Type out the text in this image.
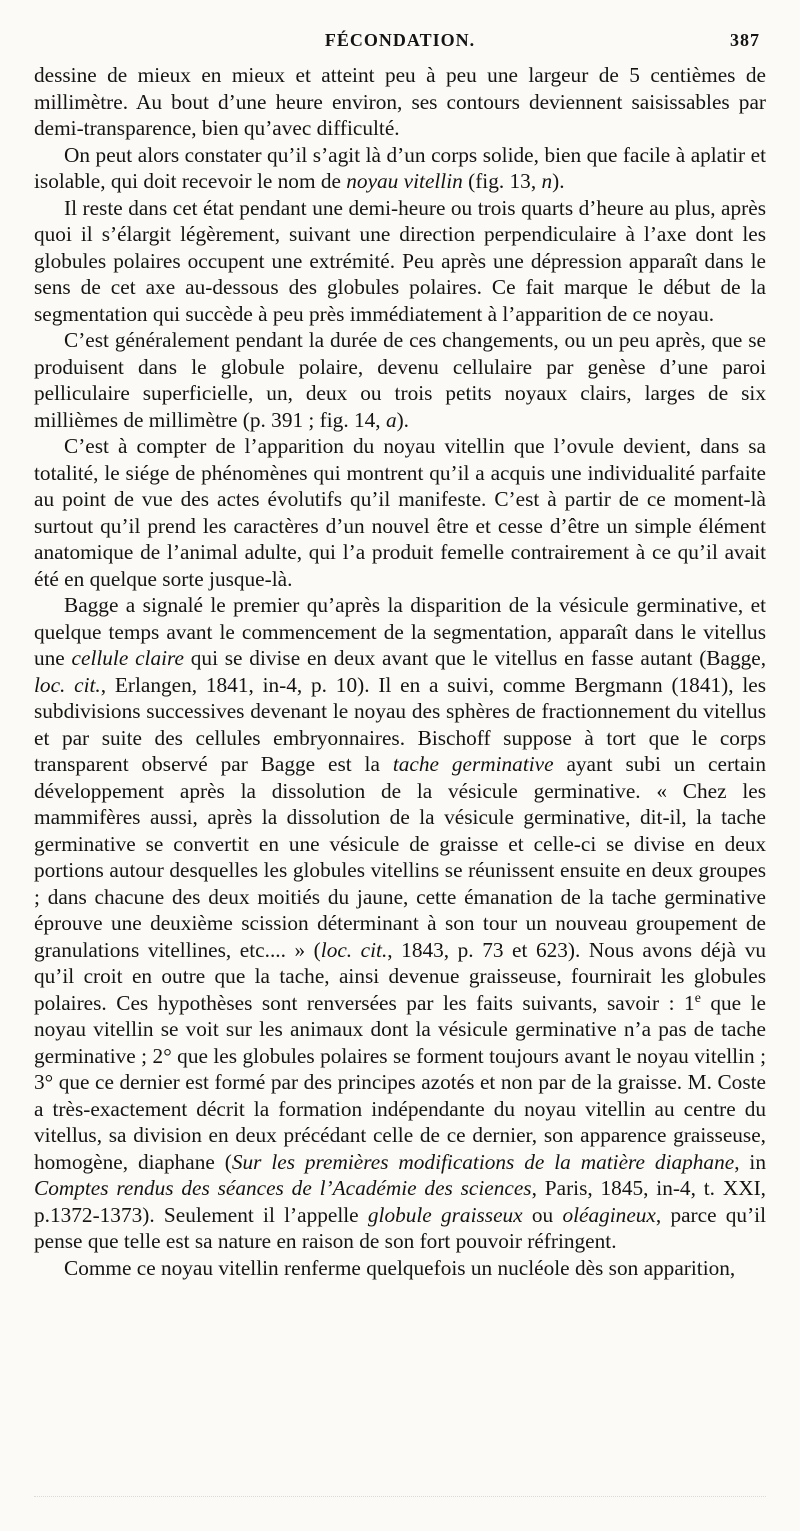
FÉCONDATION.	387

dessine de mieux en mieux et atteint peu à peu une largeur de 5 centièmes de millimètre. Au bout d’une heure environ, ses contours deviennent saisissables par demi-transparence, bien qu’avec difficulté.

On peut alors constater qu’il s’agit là d’un corps solide, bien que facile à aplatir et isolable, qui doit recevoir le nom de noyau vitellin (fig. 13, n).

Il reste dans cet état pendant une demi-heure ou trois quarts d’heure au plus, après quoi il s’élargit légèrement, suivant une direction perpendiculaire à l’axe dont les globules polaires occupent une extrémité. Peu après une dépression apparaît dans le sens de cet axe au-dessous des globules polaires. Ce fait marque le début de la segmentation qui succède à peu près immédiatement à l’apparition de ce noyau.

C’est généralement pendant la durée de ces changements, ou un peu après, que se produisent dans le globule polaire, devenu cellulaire par genèse d’une paroi pelliculaire superficielle, un, deux ou trois petits noyaux clairs, larges de six millièmes de millimètre (p. 391 ; fig. 14, a).

C’est à compter de l’apparition du noyau vitellin que l’ovule devient, dans sa totalité, le siége de phénomènes qui montrent qu’il a acquis une individualité parfaite au point de vue des actes évolutifs qu’il manifeste. C’est à partir de ce moment-là surtout qu’il prend les caractères d’un nouvel être et cesse d’être un simple élément anatomique de l’animal adulte, qui l’a produit femelle contrairement à ce qu’il avait été en quelque sorte jusque-là.

Bagge a signalé le premier qu’après la disparition de la vésicule germinative, et quelque temps avant le commencement de la segmentation, apparaît dans le vitellus une cellule claire qui se divise en deux avant que le vitellus en fasse autant (Bagge, loc. cit., Erlangen, 1841, in-4, p. 10). Il en a suivi, comme Bergmann (1841), les subdivisions successives devenant le noyau des sphères de fractionnement du vitellus et par suite des cellules embryonnaires. Bischoff suppose à tort que le corps transparent observé par Bagge est la tache germinative ayant subi un certain développement après la dissolution de la vésicule germinative. « Chez les mammifères aussi, après la dissolution de la vésicule germinative, dit-il, la tache germinative se convertit en une vésicule de graisse et celle-ci se divise en deux portions autour desquelles les globules vitellins se réunissent ensuite en deux groupes ; dans chacune des deux moitiés du jaune, cette émanation de la tache germinative éprouve une deuxième scission déterminant à son tour un nouveau groupement de granulations vitellines, etc.... » (loc. cit., 1843, p. 73 et 623). Nous avons déjà vu qu’il croit en outre que la tache, ainsi devenue graisseuse, fournirait les globules polaires. Ces hypothèses sont renversées par les faits suivants, savoir : 1e que le noyau vitellin se voit sur les animaux dont la vésicule germinative n’a pas de tache germinative ; 2° que les globules polaires se forment toujours avant le noyau vitellin ; 3° que ce dernier est formé par des principes azotés et non par de la graisse. M. Coste a très-exactement décrit la formation indépendante du noyau vitellin au centre du vitellus, sa division en deux précédant celle de ce dernier, son apparence graisseuse, homogène, diaphane (Sur les premières modifications de la matière diaphane, in Comptes rendus des séances de l’Académie des sciences, Paris, 1845, in-4, t. XXI, p.1372-1373). Seulement il l’appelle globule graisseux ou oléagineux, parce qu’il pense que telle est sa nature en raison de son fort pouvoir réfringent.

Comme ce noyau vitellin renferme quelquefois un nucléole dès son apparition,
